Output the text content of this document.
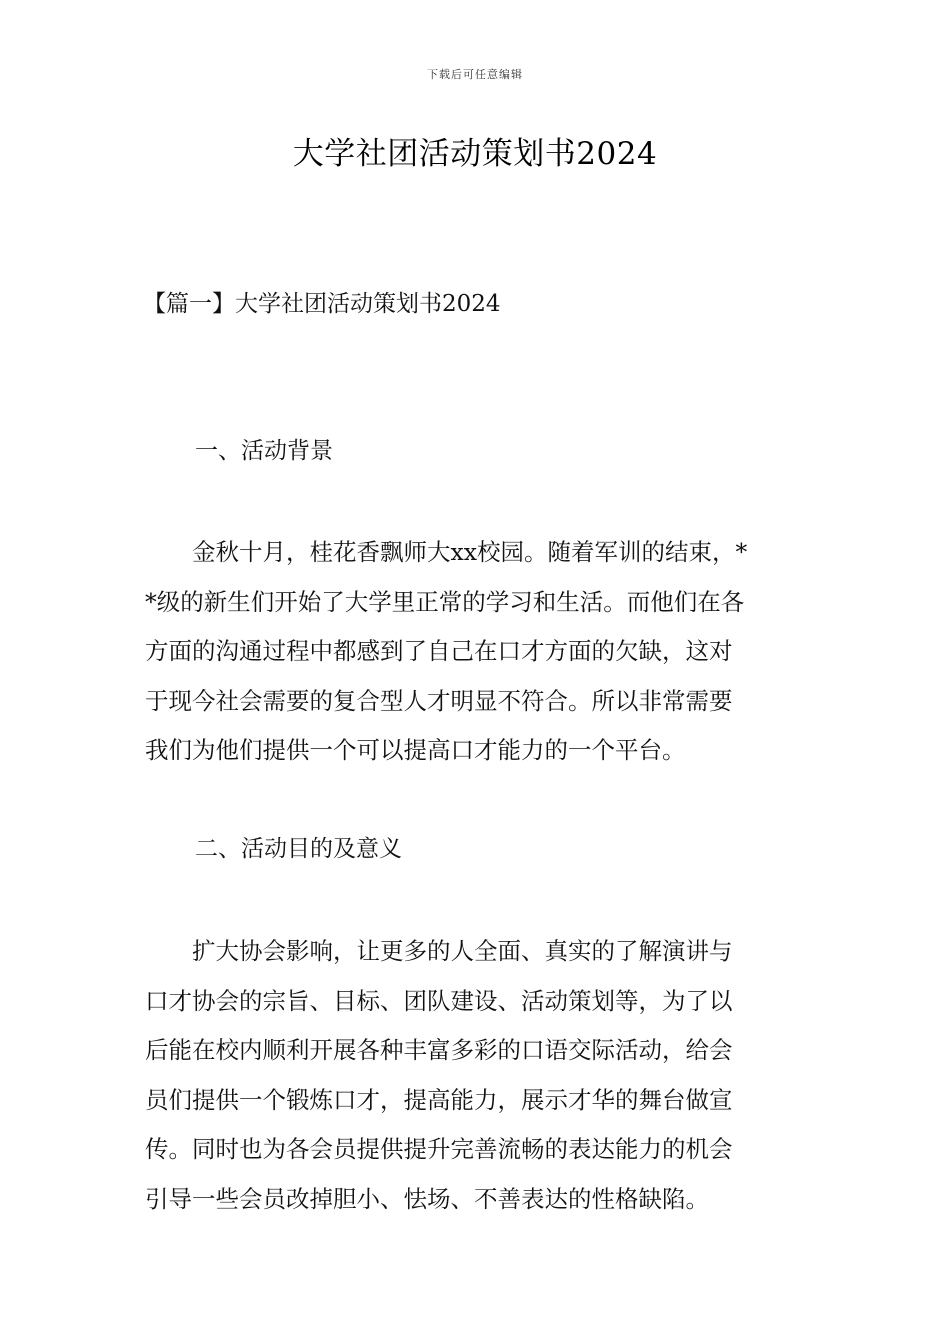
下载后可任意编辑
大学社团活动策划书2024
【篇一】大学社团活动策划书2024
一、活动背景
　　金秋十月，桂花香飘师大xx校园。随着军训的结束，*
*级的新生们开始了大学里正常的学习和生活。而他们在各
方面的沟通过程中都感到了自己在口才方面的欠缺，这对
于现今社会需要的复合型人才明显不符合。所以非常需要
我们为他们提供一个可以提高口才能力的一个平台。
二、活动目的及意义
　　扩大协会影响，让更多的人全面、真实的了解演讲与
口才协会的宗旨、目标、团队建设、活动策划等，为了以
后能在校内顺利开展各种丰富多彩的口语交际活动，给会
员们提供一个锻炼口才，提高能力，展示才华的舞台做宣
传。同时也为各会员提供提升完善流畅的表达能力的机会
引导一些会员改掉胆小、怯场、不善表达的性格缺陷。
